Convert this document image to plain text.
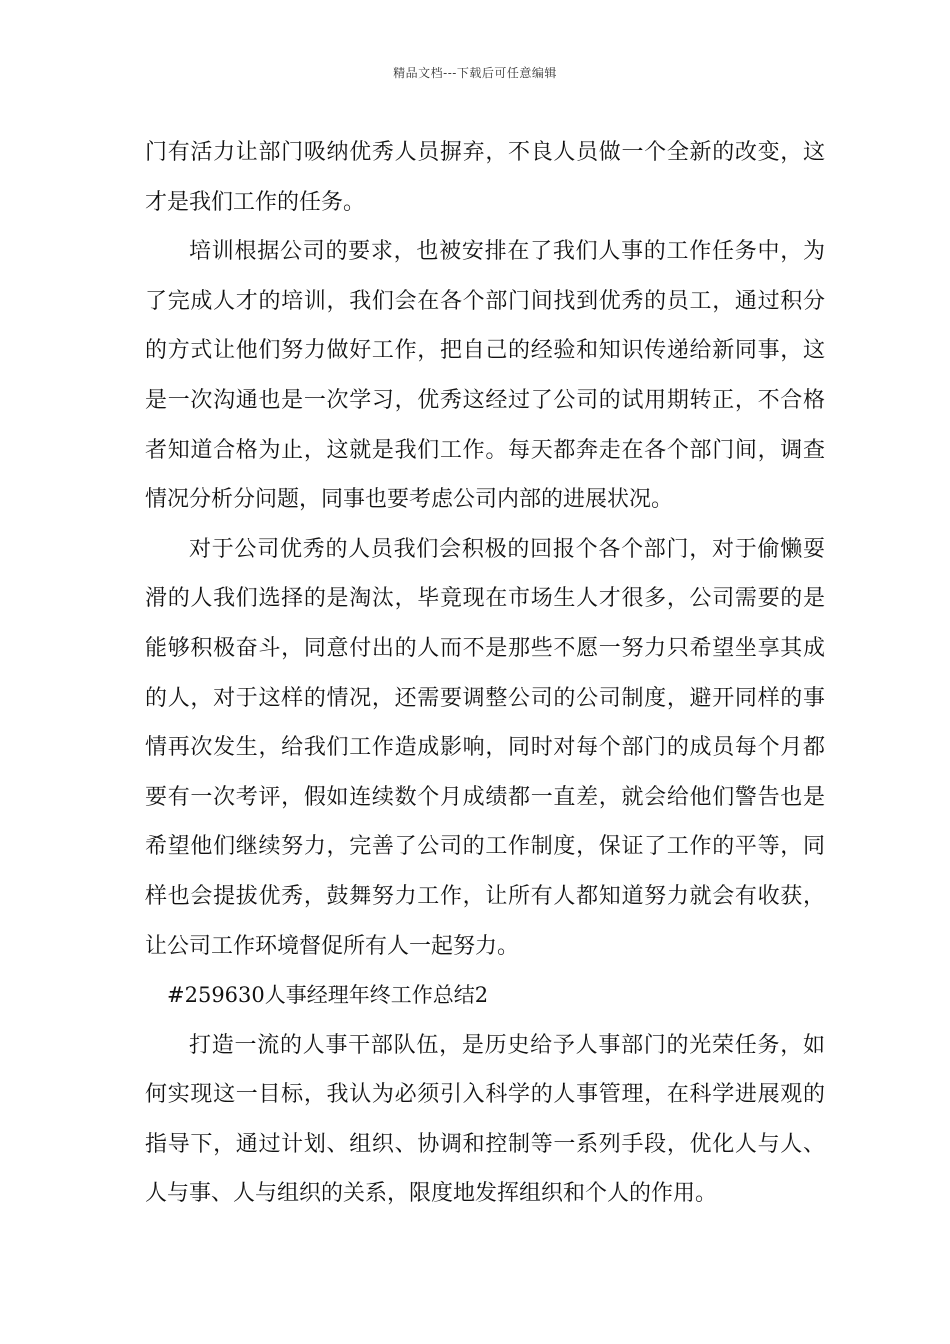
精品文档---下载后可任意编辑

门有活力让部门吸纳优秀人员摒弃，不良人员做一个全新的改变，这才是我们工作的任务。

培训根据公司的要求，也被安排在了我们人事的工作任务中，为了完成人才的培训，我们会在各个部门间找到优秀的员工，通过积分的方式让他们努力做好工作，把自己的经验和知识传递给新同事，这是一次沟通也是一次学习，优秀这经过了公司的试用期转正，不合格者知道合格为止，这就是我们工作。每天都奔走在各个部门间，调查情况分析分问题，同事也要考虑公司内部的进展状况。

对于公司优秀的人员我们会积极的回报个各个部门，对于偷懒耍滑的人我们选择的是淘汰，毕竟现在市场生人才很多，公司需要的是能够积极奋斗，同意付出的人而不是那些不愿一努力只希望坐享其成的人，对于这样的情况，还需要调整公司的公司制度，避开同样的事情再次发生，给我们工作造成影响，同时对每个部门的成员每个月都要有一次考评，假如连续数个月成绩都一直差，就会给他们警告也是希望他们继续努力，完善了公司的工作制度，保证了工作的平等，同样也会提拔优秀，鼓舞努力工作，让所有人都知道努力就会有收获，让公司工作环境督促所有人一起努力。

#259630人事经理年终工作总结2

打造一流的人事干部队伍，是历史给予人事部门的光荣任务，如何实现这一目标，我认为必须引入科学的人事管理，在科学进展观的指导下，通过计划、组织、协调和控制等一系列手段，优化人与人、人与事、人与组织的关系，限度地发挥组织和个人的作用。
